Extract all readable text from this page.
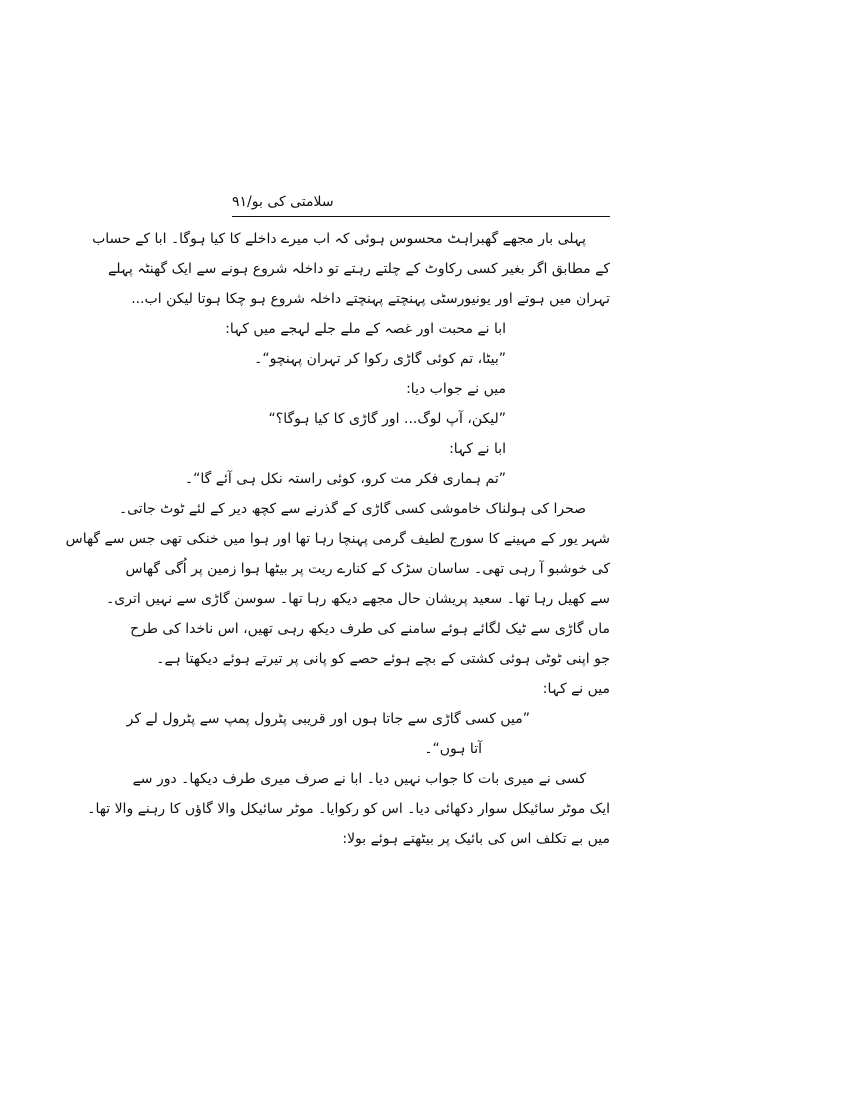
سلامتی کی بو/۹۱
پہلی بار مجھے گھبراہٹ محسوس ہوئی کہ اب میرے داخلے کا کیا ہوگا۔ ابا کے حساب
کے مطابق اگر بغیر کسی رکاوٹ کے چلتے رہتے تو داخلہ شروع ہونے سے ایک گھنٹہ پہلے
تہران میں ہوتے اور یونیورسٹی پہنچتے پہنچتے داخلہ شروع ہو چکا ہوتا لیکن اب...
ابا نے محبت اور غصہ کے ملے جلے لہجے میں کہا:
”بیٹا، تم کوئی گاڑی رکوا کر تہران پہنچو“۔
میں نے جواب دیا:
”لیکن، آپ لوگ... اور گاڑی کا کیا ہوگا؟“
ابا نے کہا:
”تم ہماری فکر مت کرو، کوئی راستہ نکل ہی آئے گا“۔
صحرا کی ہولناک خاموشی کسی گاڑی کے گذرنے سے کچھ دیر کے لئے ٹوٹ جاتی۔
شہر یور کے مہینے کا سورج لطیف گرمی پہنچا رہا تھا اور ہوا میں خنکی تھی جس سے گھاس
کی خوشبو آ رہی تھی۔ ساسان سڑک کے کنارے ریت پر بیٹھا ہوا زمین پر اُگی گھاس
سے کھیل رہا تھا۔ سعید پریشان حال مجھے دیکھ رہا تھا۔ سوسن گاڑی سے نہیں اتری۔
ماں گاڑی سے ٹیک لگائے ہوئے سامنے کی طرف دیکھ رہی تھیں، اس ناخدا کی طرح
جو اپنی ٹوٹی ہوئی کشتی کے بچے ہوئے حصے کو پانی پر تیرتے ہوئے دیکھتا ہے۔
میں نے کہا:
”میں کسی گاڑی سے جاتا ہوں اور قریبی پٹرول پمپ سے پٹرول لے کر
آتا ہوں“۔
کسی نے میری بات کا جواب نہیں دیا۔ ابا نے صرف میری طرف دیکھا۔ دور سے
ایک موٹر سائیکل سوار دکھائی دیا۔ اس کو رکوایا۔ موٹر سائیکل والا گاؤں کا رہنے والا تھا۔
میں بے تکلف اس کی بائیک پر بیٹھتے ہوئے بولا:
